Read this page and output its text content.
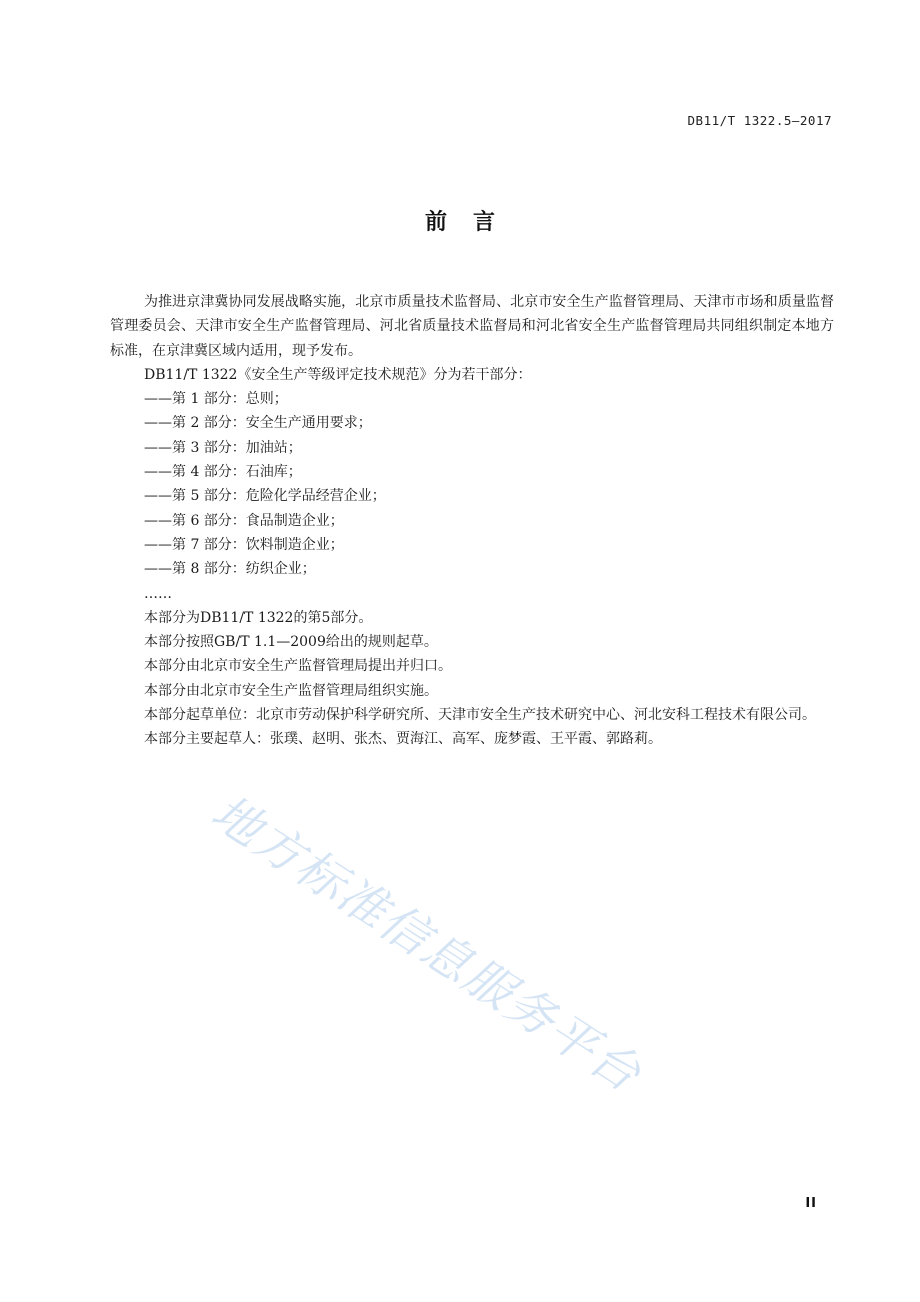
DB11/T 1322.5—2017
前言

为推进京津冀协同发展战略实施，北京市质量技术监督局、北京市安全生产监督管理局、天津市市场和质量监督管理委员会、天津市安全生产监督管理局、河北省质量技术监督局和河北省安全生产监督管理局共同组织制定本地方标准，在京津冀区域内适用，现予发布。

DB11/T 1322《安全生产等级评定技术规范》分为若干部分：

——第 1 部分：总则；

——第 2 部分：安全生产通用要求；

——第 3 部分：加油站；

——第 4 部分：石油库；

——第 5 部分：危险化学品经营企业；

——第 6 部分：食品制造企业；

——第 7 部分：饮料制造企业；

——第 8 部分：纺织企业；

……

本部分为DB11/T 1322的第5部分。

本部分按照GB/T 1.1—2009给出的规则起草。

本部分由北京市安全生产监督管理局提出并归口。

本部分由北京市安全生产监督管理局组织实施。

本部分起草单位：北京市劳动保护科学研究所、天津市安全生产技术研究中心、河北安科工程技术有限公司。

本部分主要起草人：张璞、赵明、张杰、贾海江、高军、庞梦霞、王平霞、郭路莉。

地方标准信息服务平台
II
